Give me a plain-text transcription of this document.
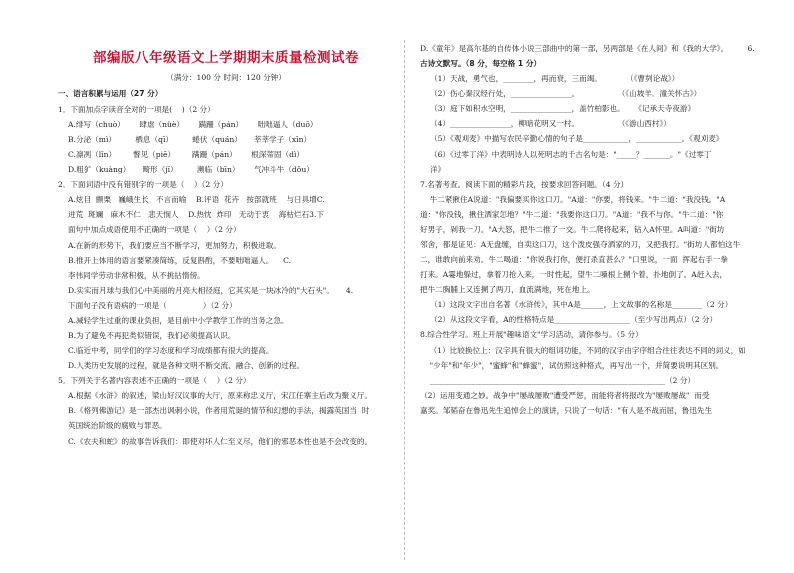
部编版八年级语文上学期期末质量检测试卷
（满分：100 分 时间：120 分钟）
一、语言积累与运用（27 分）
1．下面加点字读音全对的一项是(    )（2 分）
A.绯写（chuò）      肆虐（nüè）      蹒跚（pán）      咄咄逼人（duō）
B.分泌（mì）        栖息（qī）        蜷伏（quán）     莘莘学子（xīn）
C.凛冽（lǐn）       瞥见（piē）       蹒跚（pán）      根深蒂固（dì）
D.粗犷（kuàng）     畸形（jī）        濒临（bīn）      气冲斗牛（dǒu）
2．下面词语中没有错别字的一项是（    ）（2 分）
A.炫目  颤栗   巍峨生长   不言而喻    B.评语  花卉   按部就班    与日具增C.
迸荒  斑斓   麻木不仁   悲天悯人    D.热忱  炸印   无动于衷    海枯烂石3.下
面句中加点成语使用不正确的一项是（    ）（2 分）
A.在新的形势下，我们要应当不断学习，更加努力，积极进取。
B.推开上体用的语言要紧凑简练，反复斟酌，不要咄咄逼人。    C.
李伟同学劳动非常积极，从不挑拈惰傍。
D.实实而月球与我们心中美丽的月亮大相径庭，它其实是一块冰冷的"大石头"。     4.
下面句子没有语病的一项是（               ）（2 分）
A.减轻学生过重的课业负担，是目前中小学教学工作的当务之急。
B.为了避免不再犯类似错误，我们必须提高认识。
C.临近中考，同学们的学习态度和学习成绩都有很大的提高。
D.人类历史发展的过程，就是各种文明不断交流、融合、创新的过程。
5．下列关于名著内容表述不正确的一项是（    ）（2 分）
A.根据《水浒》的叙述，梁山好汉议事的大厅，原来称忠义厅，宋江任寨主后改为聚义厅。
B.《格列佛游记》是一部杰出讽刺小说，作者用荒诞的情节和幻想的手法，揭露英国当  时
英国统治阶级的腐败与罪恶。
C.《农夫和蛇》的故事告诉我们：即使对坏人仁至义尽，他们的邪恶本性也是不会改变的。
D.《童年》是高尔基的自传体小说三部曲中的第一部，另两部是《在人间》和《我的大学》。        6.
古诗文默写。（8 分，每空格 1 分）
（1）天战，勇气也，________，再而衰，三而竭。          （《曹刿论战》）
（2）伤心秦汉经行处，________________。                （《山坡羊．潼关怀古》）
（3）庭下如积水空明，________________，盖竹柏影也。    《记承天寺夜游》
（4）________________，柳暗花明又一村。                （《游山西村》）
（5）《观刈麦》中描写农民辛勤心情的句子是____________，____________。《观刈麦》
（6）《过零丁洋》中表明诗人以死明志的千古名句是："_____？_______。"《过零丁
洋》
7.名著考查。阅读下面的精彩片段，按要求回答问题。（4 分）
牛二紧揪住A说道："我偏要买你这口刀。"A道："你要，将钱来。"牛二道："我没钱。"A
道："你没钱，揪住洒家怎地？"牛二道："我要你这口刀。"A道："我不与你。"牛二道："你
好男子，剁我一刀。"A大怒，把牛二推了一交。牛二爬将起来，钻入A怀里。A叫道："街坊
邻舍，都是证见：A无盘缠，自卖这口刀，这个泼皮强夺洒家的刀，又把我打。"街坊人都怕这牛
二，谁敢向前来劝。牛二喝道："你说我打你，便打杀直甚么？"口里说，一面  挥起右手一拳
打来。A霎地躲过，拿着刀抢入来，一时性起，望牛二嗓根上搠个着，扑地倒了。A赶入去，
把牛二胸脯上又连搠了两刀，血流满地，死在地上。
（1）这段文字出自名著《水浒传》，其中A是______，上文故事的名称是________（2 分）
（2）从这段文字看，A的性格特点是____________________（至少写出两点）（2 分）
8.综合性学习。班上开展"趣味语文"学习活动，请你参与。（5 分）
（1）比较换位上：汉字具有很大的组词功能，不同的汉字由字序组合往往表达不同的词义，如
"少年"和"年少"，"蜜蜂"和"蜂蜜"，试仿照这种格式，再写出一个，并简要说明其区别。
______________________________________________________________（2 分）
（2）运用变通之妙。战争中"屡战屡败"遭受严惩，而能将者将报改为"屡败屡战"  而受
嘉奖。邹韬奋在鲁迅先生追悼会上的演讲，只说了一句话："有人是不战而屈，鲁迅先生
